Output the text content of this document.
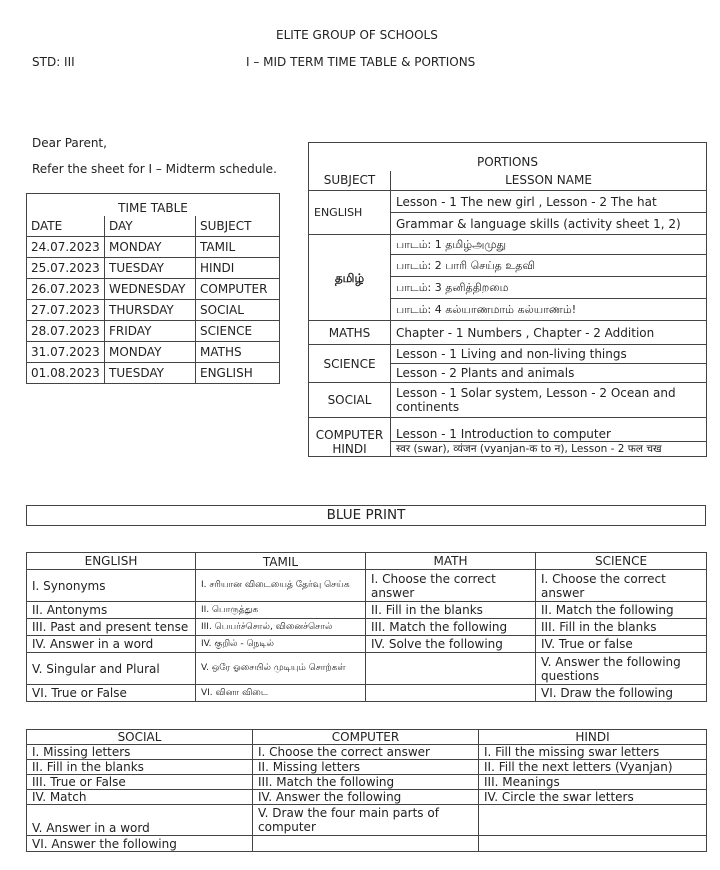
ELITE GROUP OF SCHOOLS
STD: III	I – MID TERM TIME TABLE & PORTIONS
Dear Parent,
Refer the sheet for I – Midterm schedule.
TIME TABLE		
DATE	DAY	SUBJECT
24.07.2023	MONDAY	TAMIL
25.07.2023	TUESDAY	HINDI
26.07.2023	WEDNESDAY	COMPUTER
27.07.2023	THURSDAY	SOCIAL
28.07.2023	FRIDAY	SCIENCE
31.07.2023	MONDAY	MATHS
01.08.2023	TUESDAY	ENGLISH
PORTIONS	
SUBJECT	LESSON NAME
ENGLISH	Lesson - 1 The new girl , Lesson - 2 The hat
	Grammar & language skills (activity sheet 1, 2)
தமிழ்	பாடம்: 1 தமிழ்அமுது
	பாடம்: 2 பாரி செய்த உதவி
	பாடம்: 3 தனித்திறமை
	பாடம்: 4 கல்யாணமாம் கல்யாணம்!
MATHS	Chapter - 1 Numbers , Chapter - 2 Addition
SCIENCE	Lesson - 1 Living and non-living things
	Lesson - 2 Plants and animals
SOCIAL	Lesson - 1 Solar system, Lesson - 2 Ocean and continents
COMPUTER	Lesson - 1 Introduction to computer
HINDI	स्वर (swar), व्यंजन (vyanjan-क to न), Lesson - 2 फल चख
BLUE PRINT
ENGLISH	TAMIL	MATH	SCIENCE
I. Synonyms	I. சரியான விடையைத் தேர்வு செய்க	I. Choose the correct answer	I. Choose the correct answer
II. Antonyms	II. பொருத்துக	II. Fill in the blanks	II. Match the following
III. Past and present tense	III. பெயர்ச்சொல், வினைச்சொல்	III. Match the following	III. Fill in the blanks
IV. Answer in a word	IV. குறில் - நெடில்	IV. Solve the following	IV. True or false
V. Singular and Plural	V. ஒரே ஓசையில் முடியும் சொற்கள்		V. Answer the following questions
VI. True or False	VI. வினா விடை		VI. Draw the following
SOCIAL	COMPUTER	HINDI
I. Missing letters	I. Choose the correct answer	I. Fill the missing swar letters
II. Fill in the blanks	II. Missing letters	II. Fill the next letters (Vyanjan)
III. True or False	III. Match the following	III. Meanings
IV. Match	IV. Answer the following	IV. Circle the swar letters
V. Answer in a word	V. Draw the four main parts of computer	
VI. Answer the following		
